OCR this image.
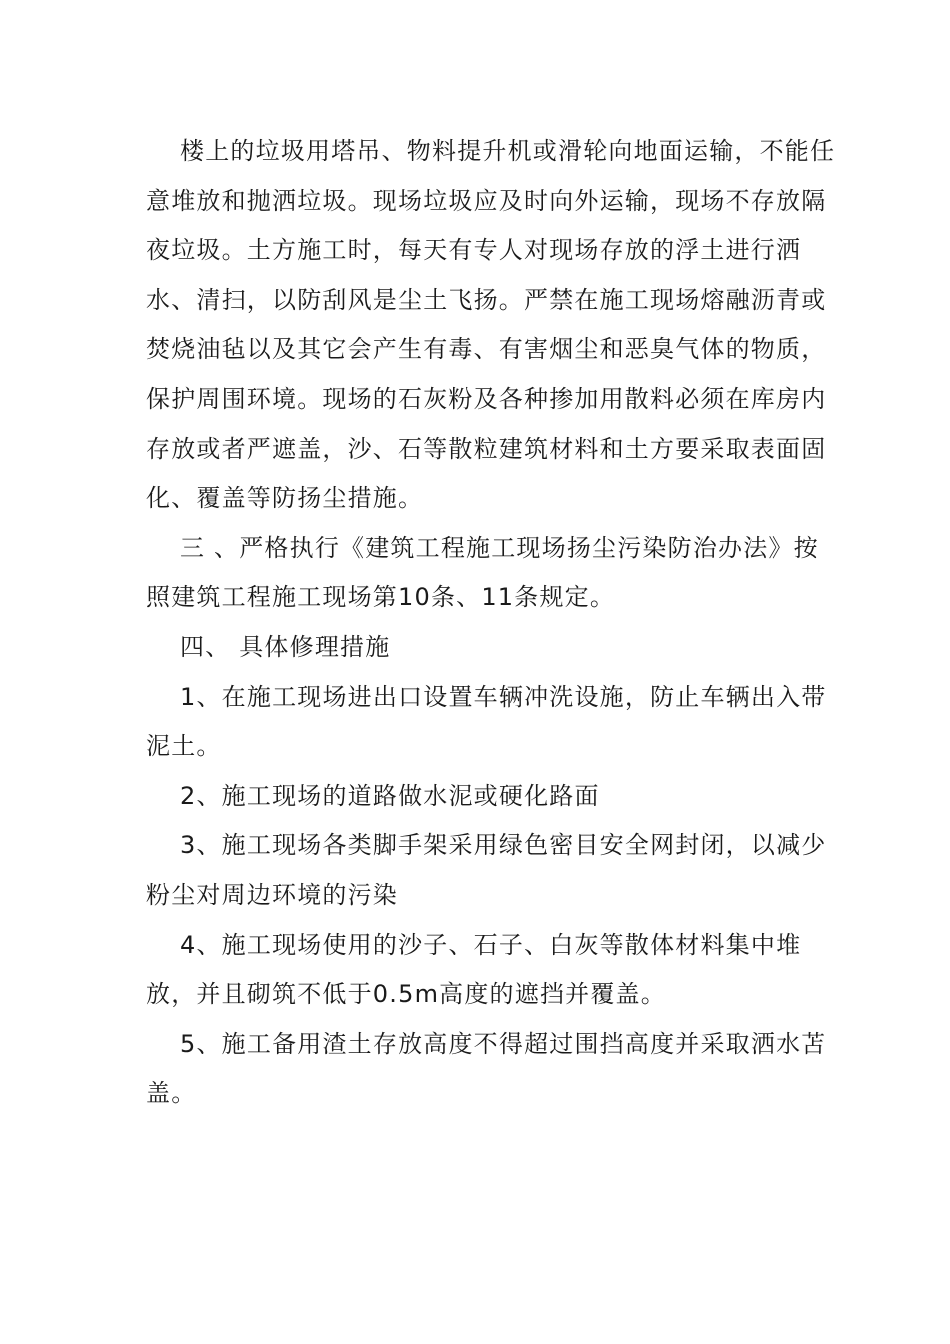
楼上的垃圾用塔吊、物料提升机或滑轮向地面运输，不能任
意堆放和抛洒垃圾。现场垃圾应及时向外运输，现场不存放隔
夜垃圾。土方施工时，每天有专人对现场存放的浮土进行洒
水、清扫，以防刮风是尘土飞扬。严禁在施工现场熔融沥青或
焚烧油毡以及其它会产生有毒、有害烟尘和恶臭气体的物质，
保护周围环境。现场的石灰粉及各种掺加用散料必须在库房内
存放或者严遮盖，沙、石等散粒建筑材料和土方要采取表面固
化、覆盖等防扬尘措施。
三 、严格执行《建筑工程施工现场扬尘污染防治办法》按
照建筑工程施工现场第10条、11条规定。
四、 具体修理措施
1、在施工现场进出口设置车辆冲洗设施，防止车辆出入带
泥土。
2、施工现场的道路做水泥或硬化路面
3、施工现场各类脚手架采用绿色密目安全网封闭，以减少
粉尘对周边环境的污染
4、施工现场使用的沙子、石子、白灰等散体材料集中堆
放，并且砌筑不低于0.5m高度的遮挡并覆盖。
5、施工备用渣土存放高度不得超过围挡高度并采取洒水苫
盖。
